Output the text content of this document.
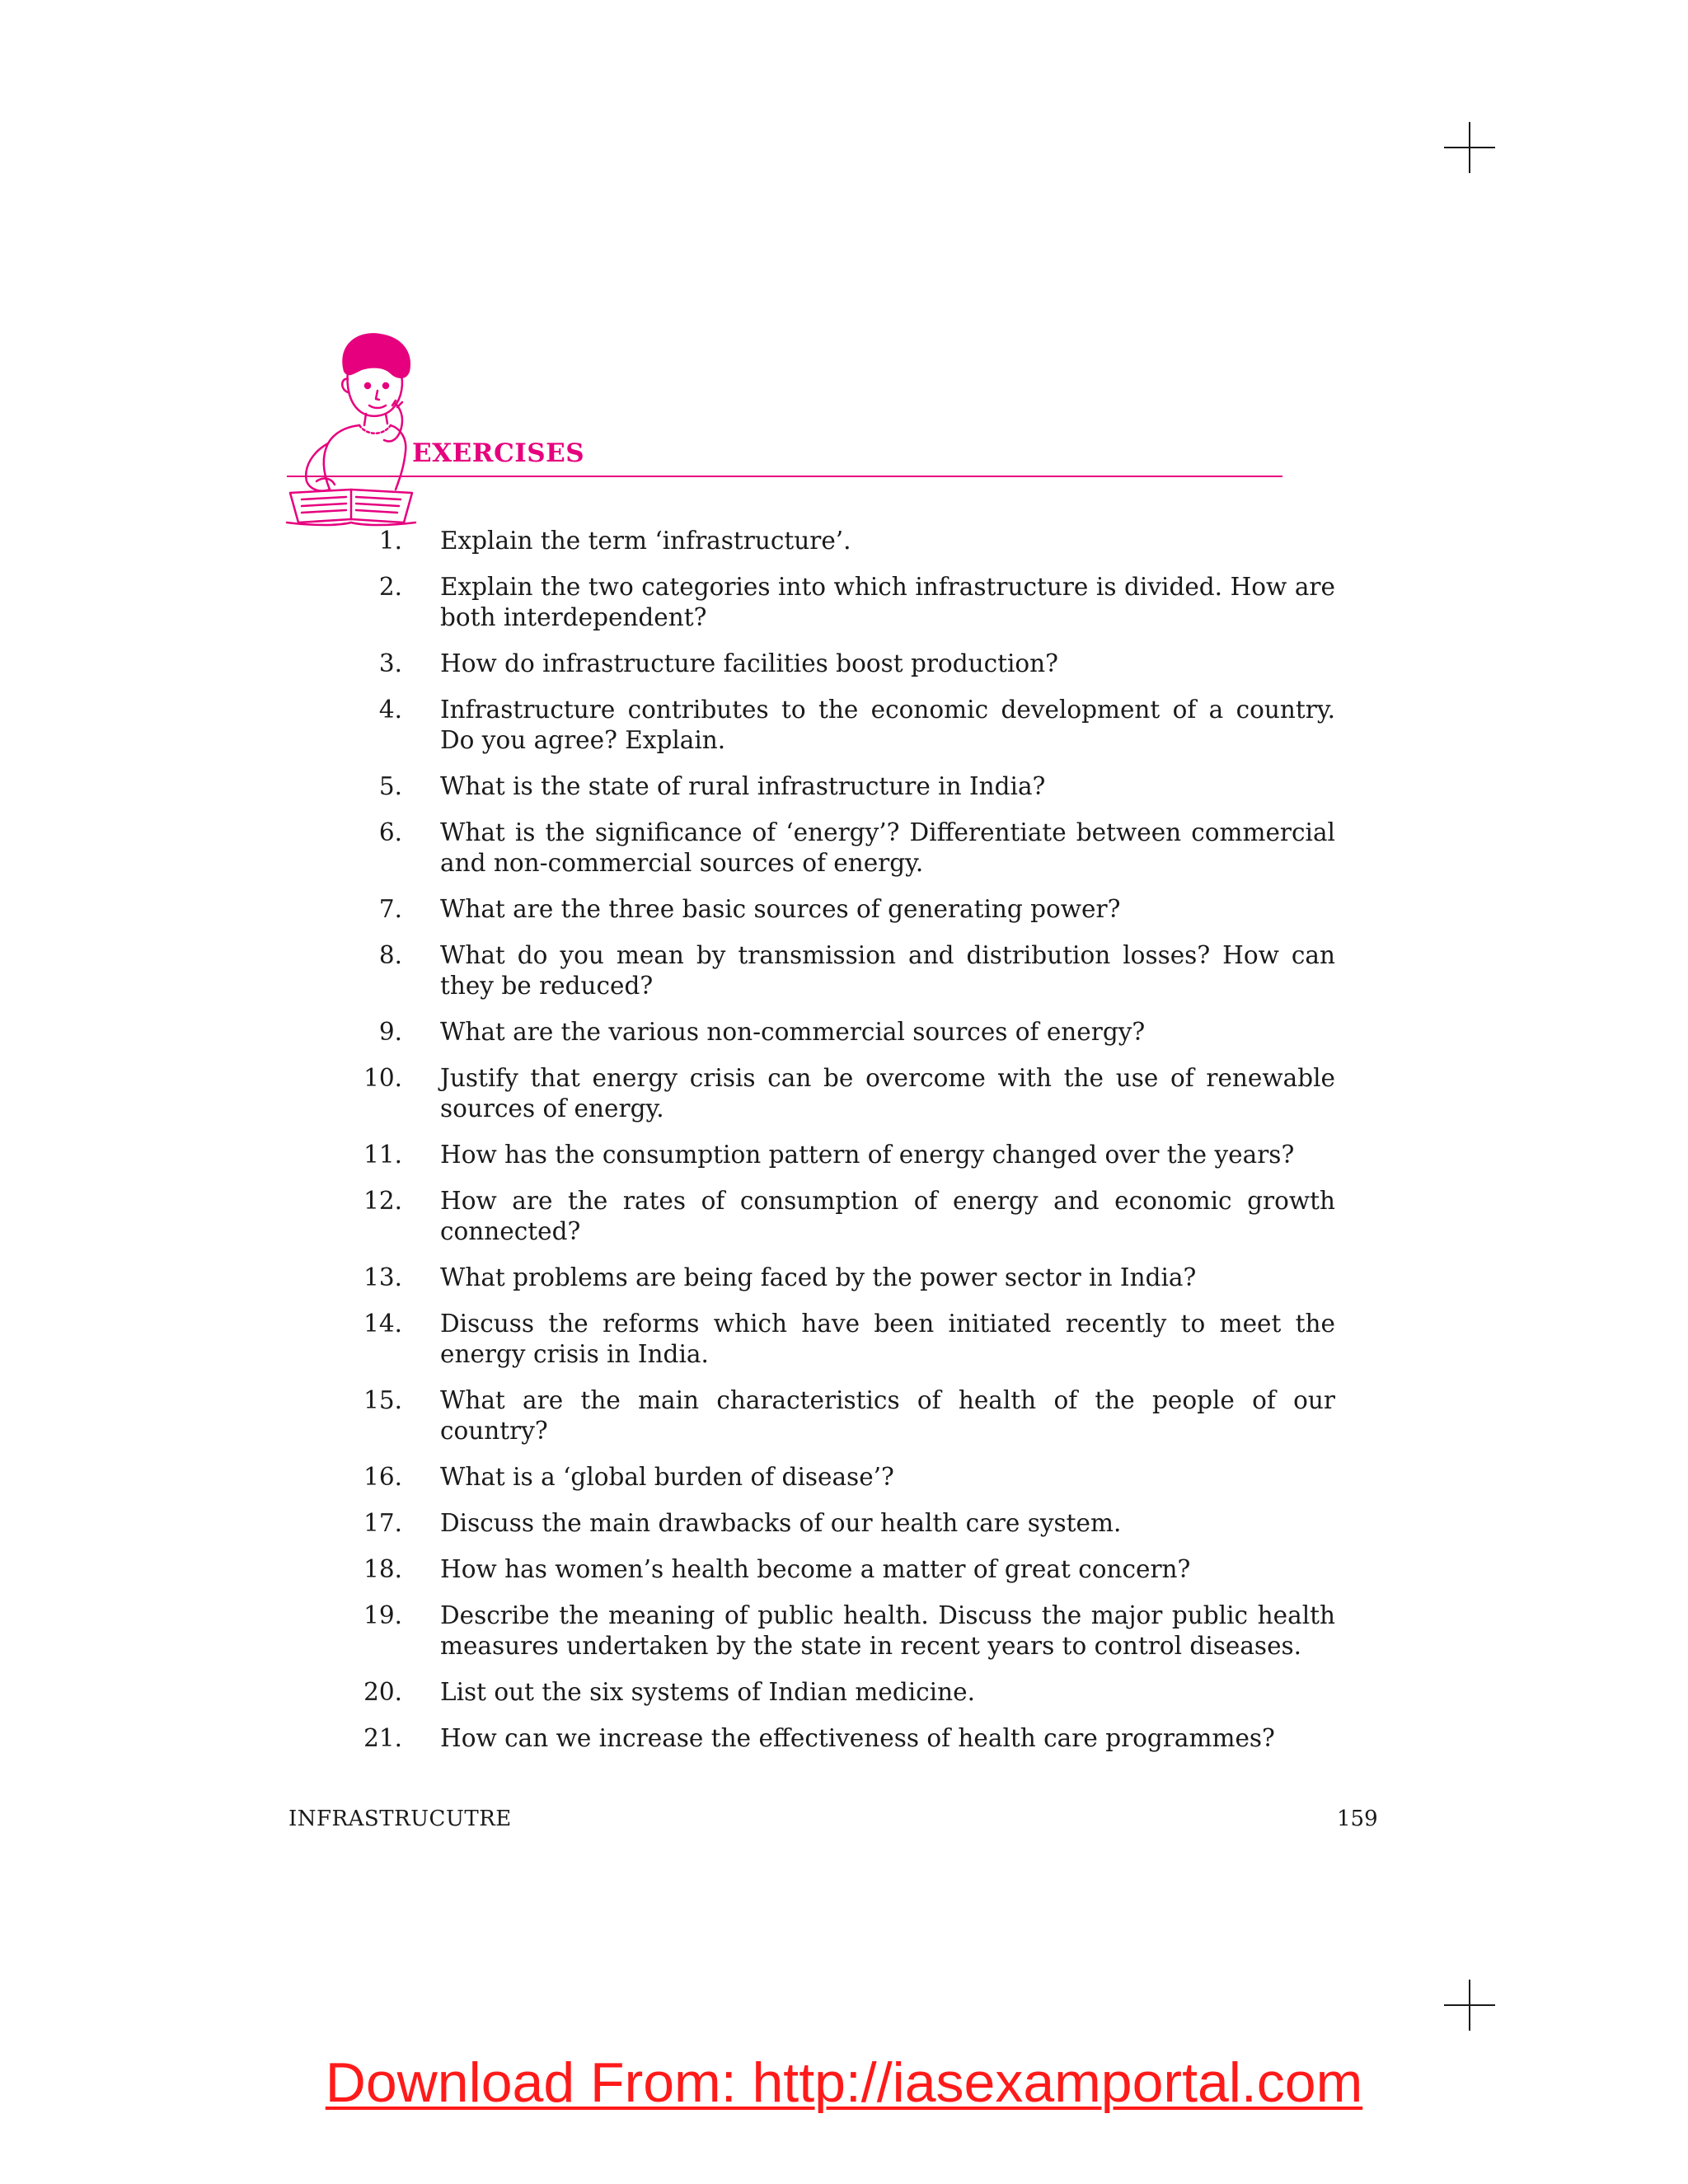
EXERCISES
1. Explain the term ‘infrastructure’.
2. Explain the two categories into which infrastructure is divided. How are both interdependent?
3. How do infrastructure facilities boost production?
4. Infrastructure contributes to the economic development of a country. Do you agree? Explain.
5. What is the state of rural infrastructure in India?
6. What is the significance of ‘energy’? Differentiate between commercial and non-commercial sources of energy.
7. What are the three basic sources of generating power?
8. What do you mean by transmission and distribution losses? How can they be reduced?
9. What are the various non-commercial sources of energy?
10. Justify that energy crisis can be overcome with the use of renewable sources of energy.
11. How has the consumption pattern of energy changed over the years?
12. How are the rates of consumption of energy and economic growth connected?
13. What problems are being faced by the power sector in India?
14. Discuss the reforms which have been initiated recently to meet the energy crisis in India.
15. What are the main characteristics of health of the people of our country?
16. What is a ‘global burden of disease’?
17. Discuss the main drawbacks of our health care system.
18. How has women’s health become a matter of great concern?
19. Describe the meaning of public health. Discuss the major public health measures undertaken by the state in recent years to control diseases.
20. List out the six systems of Indian medicine.
21. How can we increase the effectiveness of health care programmes?
INFRASTRUCUTRE	159
Download From: http://iasexamportal.com
